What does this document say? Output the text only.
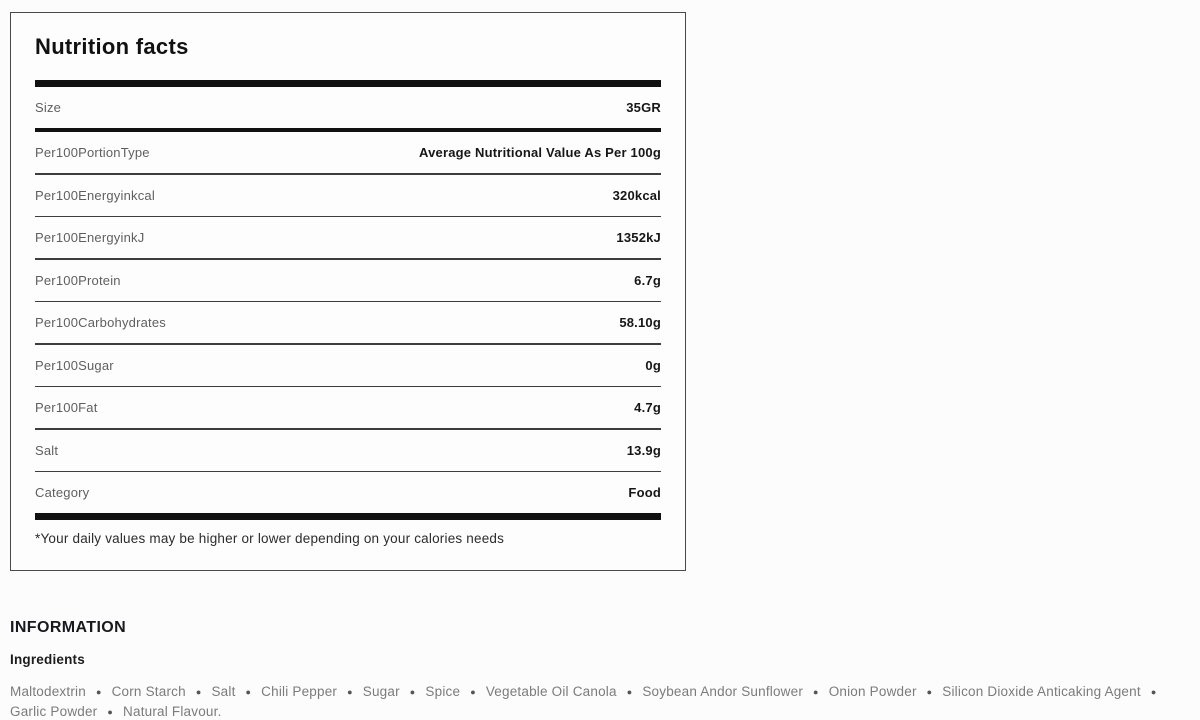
Nutrition facts
Size	35GR
Per100PortionType	Average Nutritional Value As Per 100g
Per100Energyinkcal	320kcal
Per100EnergyinkJ	1352kJ
Per100Protein	6.7g
Per100Carbohydrates	58.10g
Per100Sugar	0g
Per100Fat	4.7g
Salt	13.9g
Category	Food

*Your daily values may be higher or lower depending on your calories needs

INFORMATION
Ingredients

Maltodextrin ● Corn Starch ● Salt ● Chili Pepper ● Sugar ● Spice ● Vegetable Oil Canola ● Soybean Andor Sunflower ● Onion Powder ● Silicon Dioxide Anticaking Agent ●Garlic Powder ● Natural Flavour.
